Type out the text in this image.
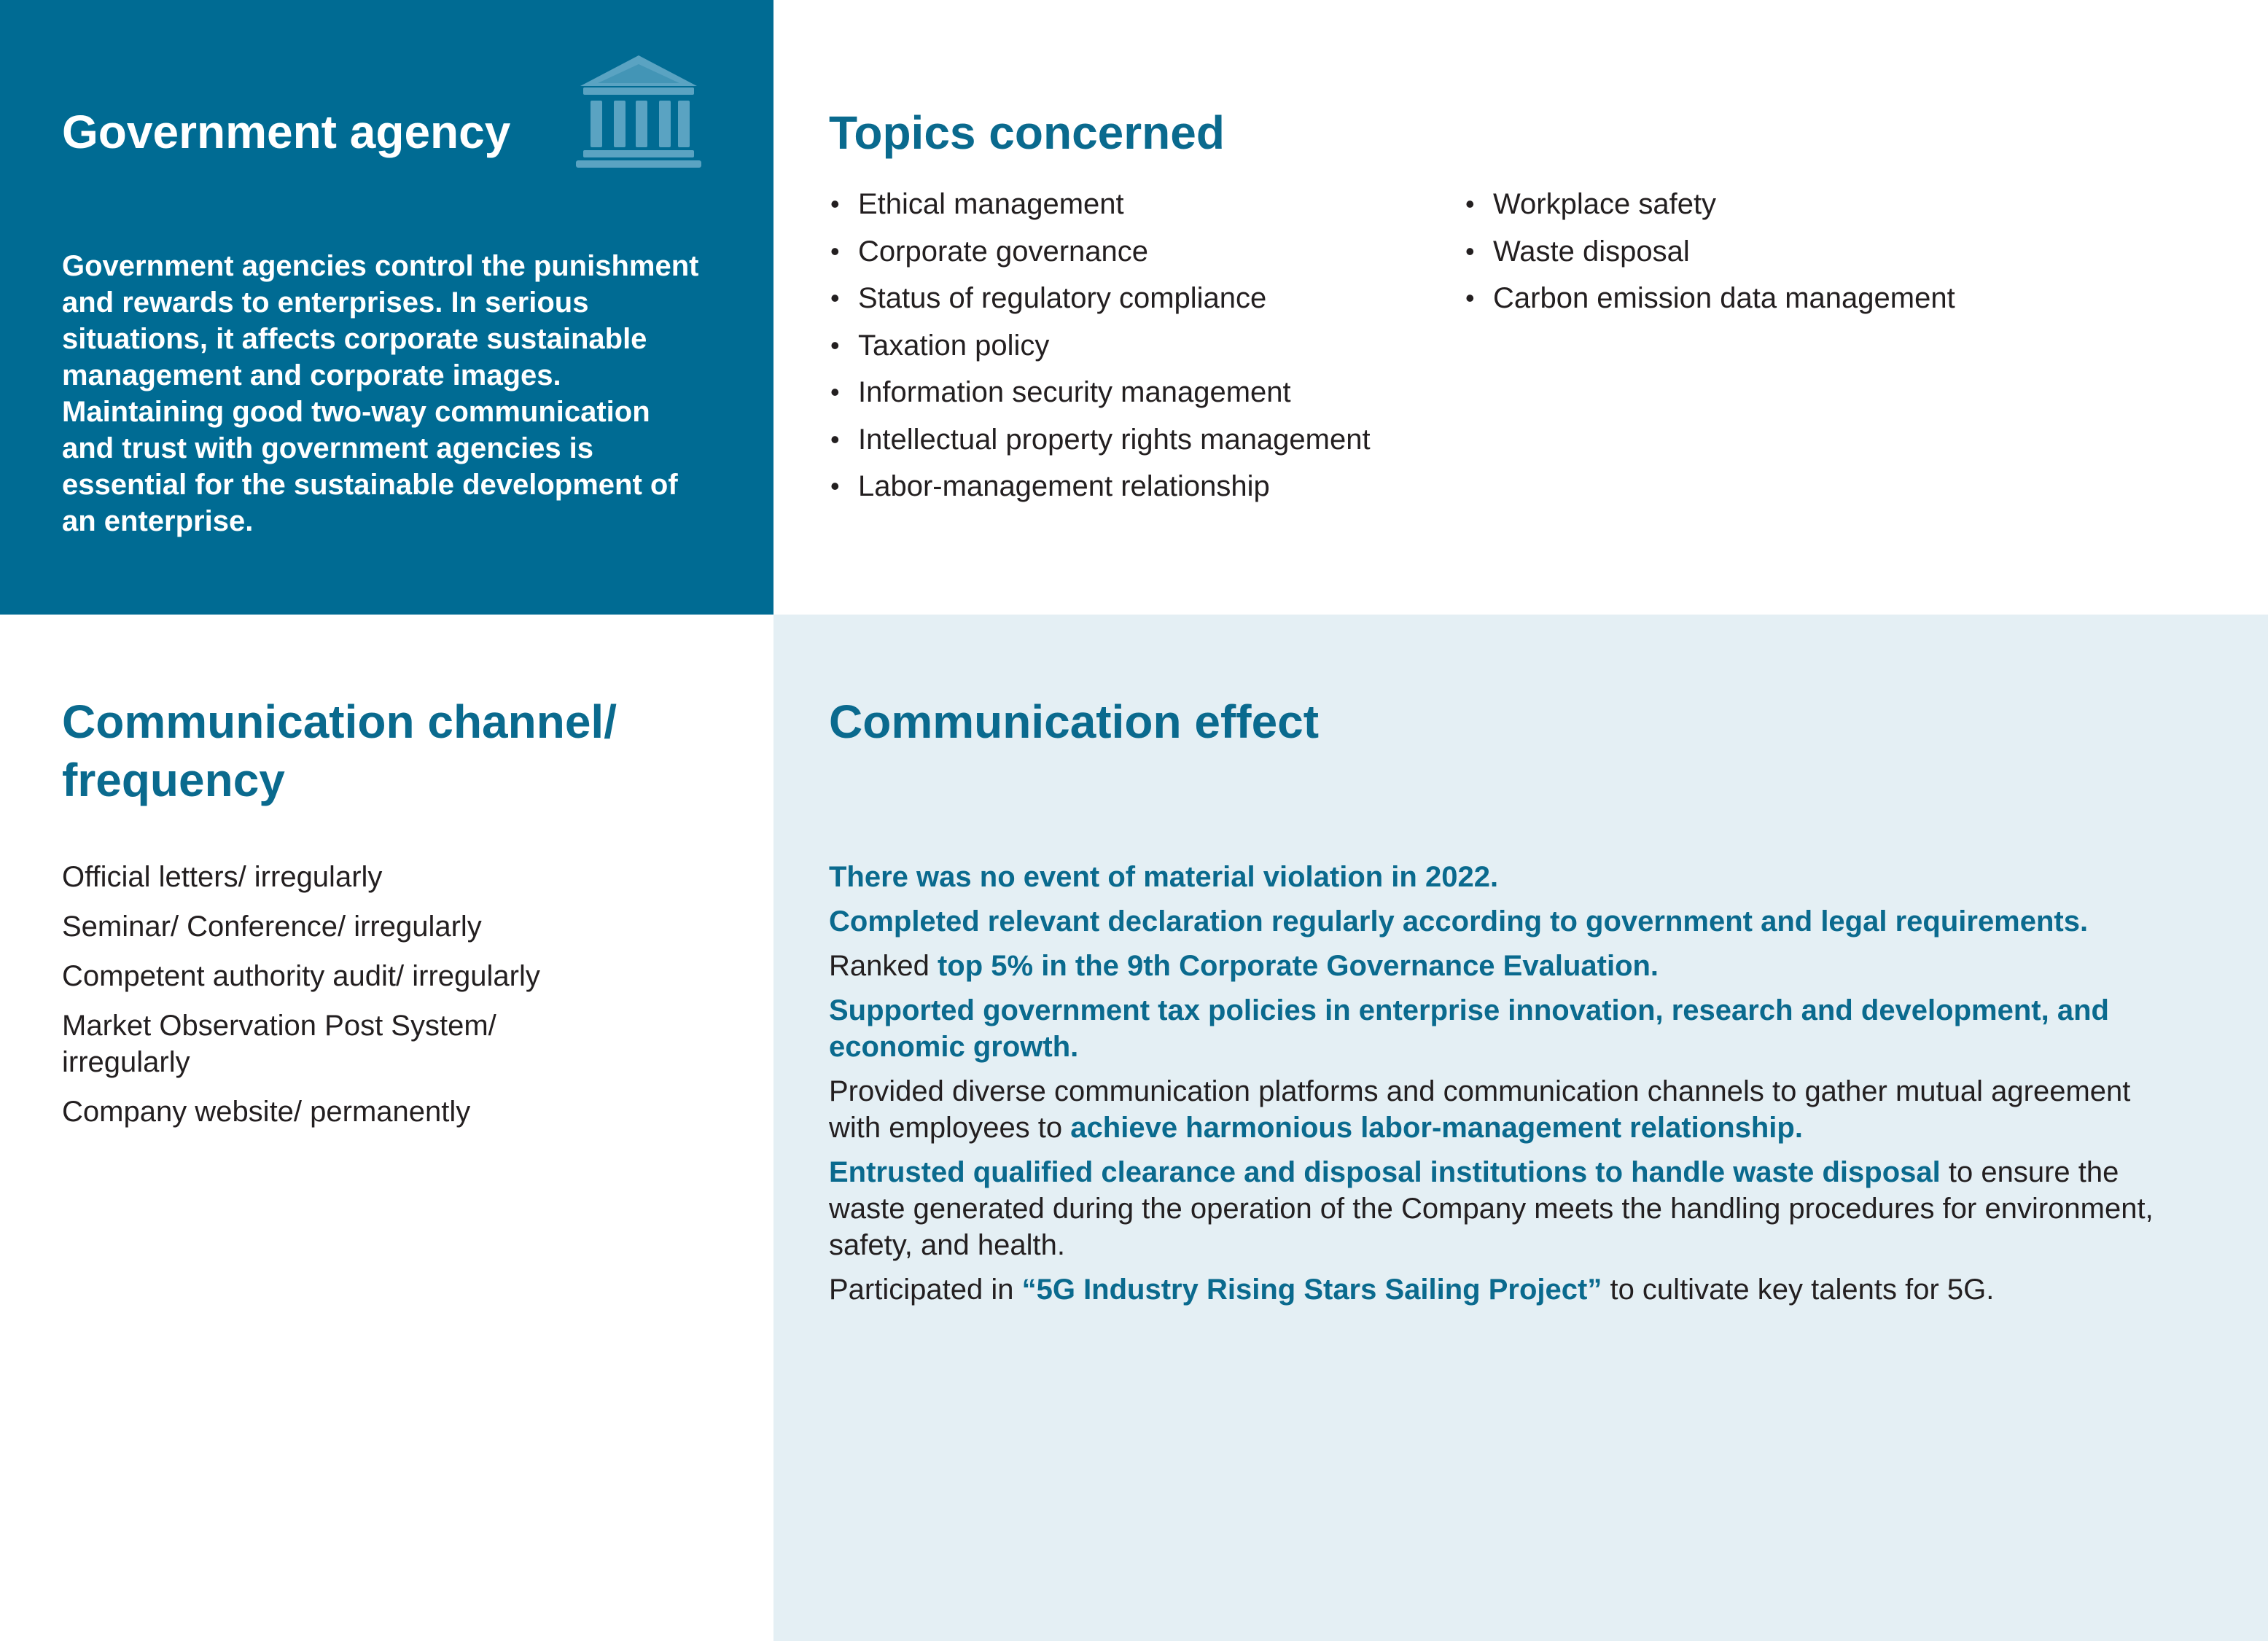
Government agency

Government agencies control the punishment and rewards to enterprises. In serious situations, it affects corporate sustainable management and corporate images. Maintaining good two-way communication and trust with government agencies is essential for the sustainable development of an enterprise.

Topics concerned
• Ethical management
• Corporate governance
• Status of regulatory compliance
• Taxation policy
• Information security management
• Intellectual property rights management
• Labor-management relationship
• Workplace safety
• Waste disposal
• Carbon emission data management
Communication channel/ frequency
Official letters/ irregularly
Seminar/ Conference/ irregularly
Competent authority audit/ irregularly
Market Observation Post System/ irregularly
Company website/ permanently
Communication effect
There was no event of material violation in 2022.
Completed relevant declaration regularly according to government and legal requirements.
Ranked top 5% in the 9th Corporate Governance Evaluation.
Supported government tax policies in enterprise innovation, research and development, and economic growth.
Provided diverse communication platforms and communication channels to gather mutual agreement with employees to achieve harmonious labor-management relationship.
Entrusted qualified clearance and disposal institutions to handle waste disposal to ensure the waste generated during the operation of the Company meets the handling procedures for environment, safety, and health.
Participated in “5G Industry Rising Stars Sailing Project” to cultivate key talents for 5G.
